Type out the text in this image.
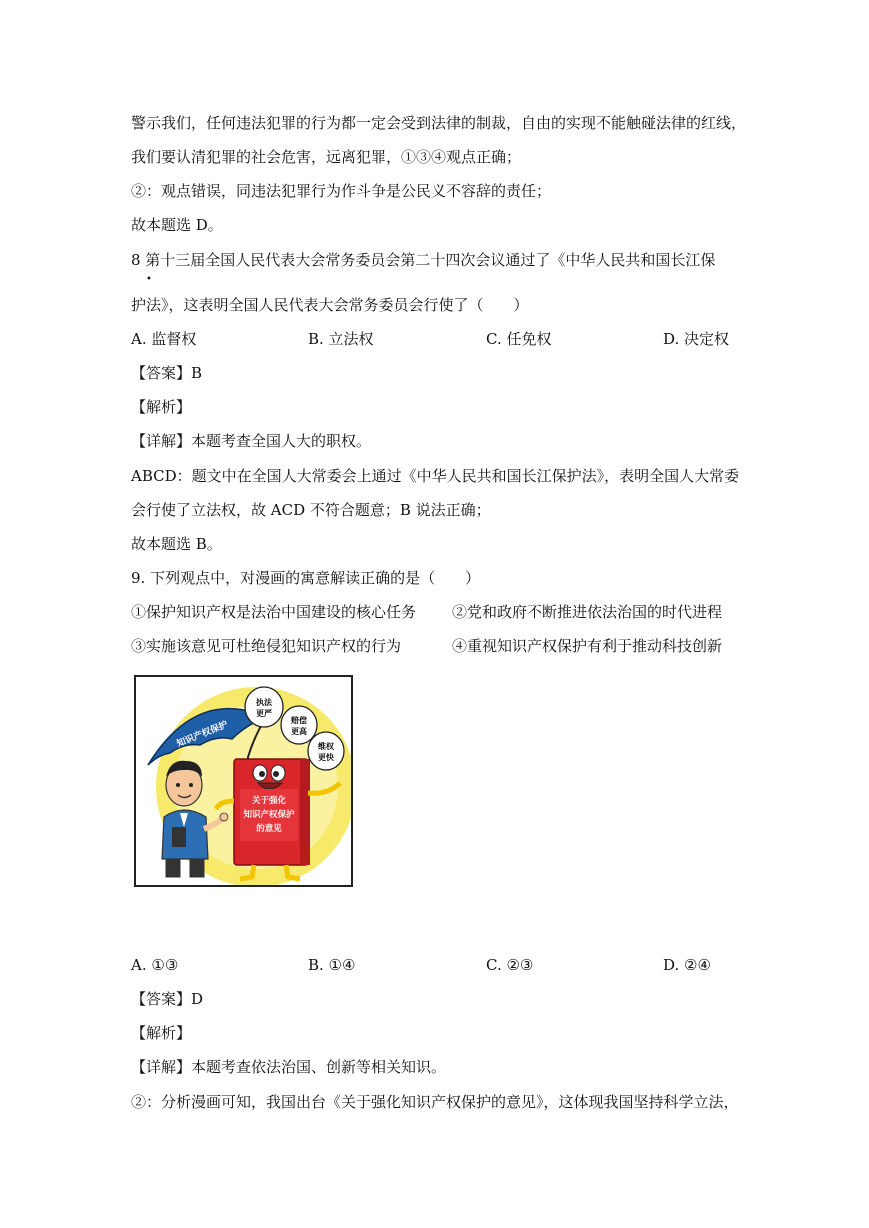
警示我们，任何违法犯罪的行为都一定会受到法律的制裁，自由的实现不能触碰法律的红线，
我们要认清犯罪的社会危害，远离犯罪，①③④观点正确；
②：观点错误，同违法犯罪行为作斗争是公民义不容辞的责任；
故本题选 D。
8 第十三届全国人民代表大会常务委员会第二十四次会议通过了《中华人民共和国长江保
•
护法》，这表明全国人民代表大会常务委员会行使了（　　）
A. 监督权	B. 立法权	C. 任免权	D. 决定权
【答案】B
【解析】
【详解】本题考查全国人大的职权。
ABCD：题文中在全国人大常委会上通过《中华人民共和国长江保护法》，表明全国人大常委
会行使了立法权，故 ACD 不符合题意；B 说法正确；
故本题选 B。
9. 下列观点中，对漫画的寓意解读正确的是（　　）
①保护知识产权是法治中国建设的核心任务 ②党和政府不断推进依法治国的时代进程
③实施该意见可杜绝侵犯知识产权的行为	④重视知识产权保护有利于推动科技创新
知识产权保护
关于强化
知识产权保护
的意见
执法
更严
赔偿
更高
维权
更快
A. ①③	B. ①④	C. ②③	D. ②④
【答案】D
【解析】
【详解】本题考查依法治国、创新等相关知识。
②：分析漫画可知，我国出台《关于强化知识产权保护的意见》，这体现我国坚持科学立法，
